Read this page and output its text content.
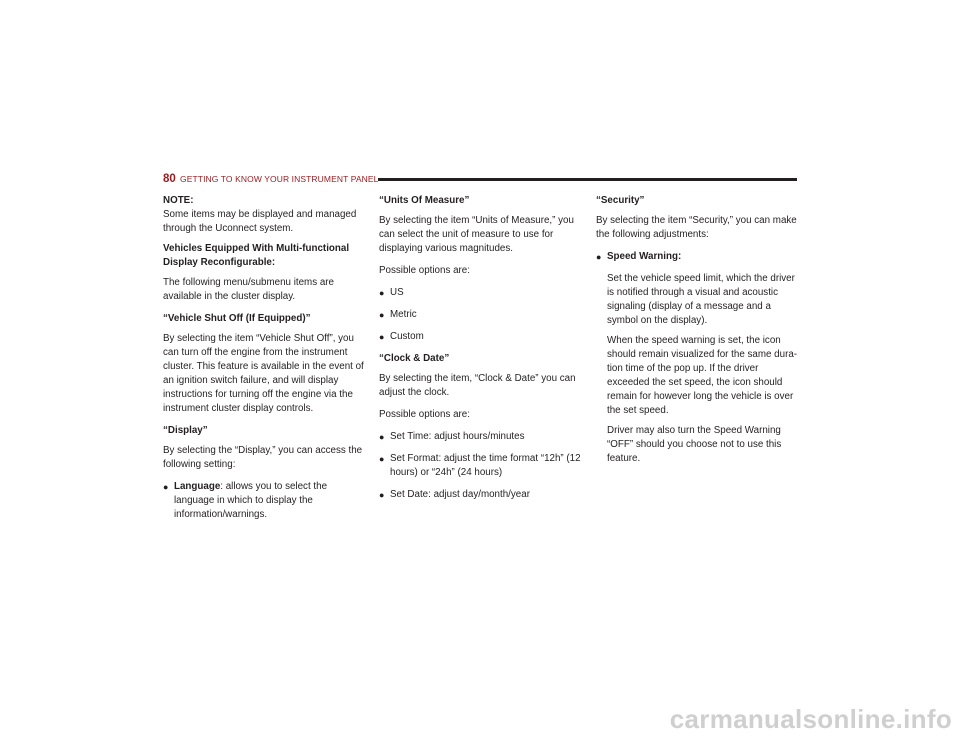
80 GETTING TO KNOW YOUR INSTRUMENT PANEL

NOTE:
Some items may be displayed and managed through the Uconnect system.

Vehicles Equipped With Multi-functional Display Reconfigurable:

The following menu/submenu items are available in the cluster display.

“Vehicle Shut Off (If Equipped)”

By selecting the item “Vehicle Shut Off”, you can turn off the engine from the instrument cluster. This feature is available in the event of an ignition switch failure, and will display instructions for turning off the engine via the instrument cluster display controls.

“Display”

By selecting the “Display,” you can access the following setting:

● Language: allows you to select the language in which to display the information/warnings.

“Units Of Measure”

By selecting the item “Units of Measure,” you can select the unit of measure to use for displaying various magnitudes.

Possible options are:

● US
● Metric
● Custom

“Clock & Date”

By selecting the item, “Clock & Date” you can adjust the clock.

Possible options are:

● Set Time: adjust hours/minutes
● Set Format: adjust the time format “12h” (12 hours) or “24h” (24 hours)
● Set Date: adjust day/month/year

“Security”

By selecting the item “Security,” you can make the following adjustments:

● Speed Warning:

Set the vehicle speed limit, which the driver is notified through a visual and acoustic signaling (display of a message and a symbol on the display).

When the speed warning is set, the icon should remain visualized for the same dura-tion time of the pop up. If the driver exceeded the set speed, the icon should remain for however long the vehicle is over the set speed.

Driver may also turn the Speed Warning “OFF” should you choose not to use this feature.

carmanualsonline.info
